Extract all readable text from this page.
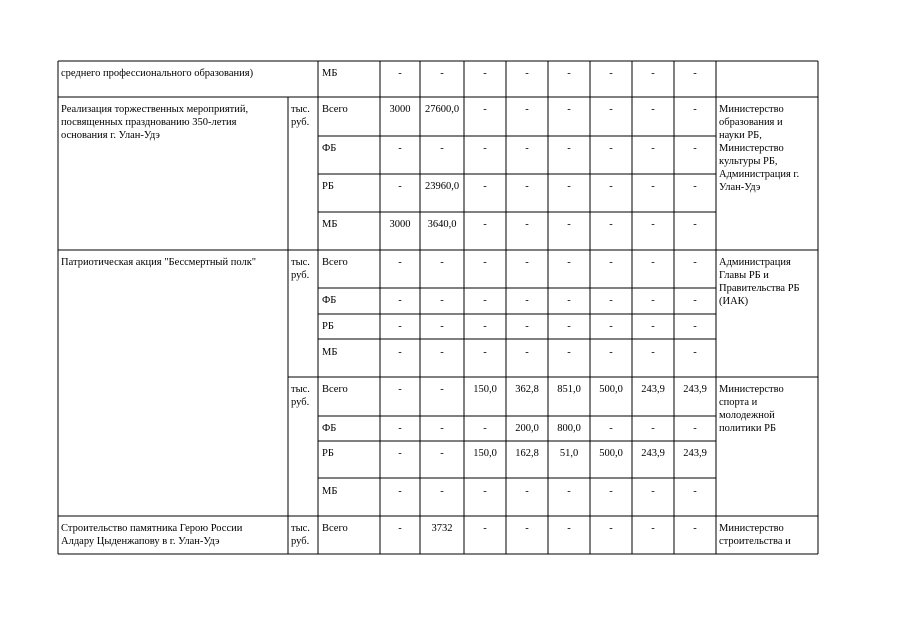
среднего профессионального образования)	МБ	-	-	-	-	-	-	-	-
Реализация торжественных мероприятий,
посвященных празднованию 350-летия
основания г. Улан-Удэ
тыс.
руб.
Министерство
образования и
науки РБ,
Министерство
культуры РБ,
Администрация г.
Улан-Удэ
Всего	3000	27600,0	-	-	-	-	-	-
ФБ	-	-	-	-	-	-	-	-
РБ	-	23960,0	-	-	-	-	-	-
МБ	3000	3640,0	-	-	-	-	-	-
Патриотическая акция "Бессмертный полк"	тыс.
руб.
Администрация
Главы РБ и
Правительства РБ
(ИАК)
Всего	-	-	-	-	-	-	-	-
ФБ	-	-	-	-	-	-	-	-
РБ	-	-	-	-	-	-	-	-
МБ	-	-	-	-	-	-	-	-
тыс.
руб.
Министерство
спорта и
молодежной
политики РБ
Всего	-	-	150,0	362,8	851,0	500,0	243,9	243,9
ФБ	-	-	-	200,0	800,0	-	-	-
РБ	-	-	150,0	162,8	51,0	500,0	243,9	243,9
МБ	-	-	-	-	-	-	-	-
Строительство памятника Герою России
Алдару Цыденжапову в г. Улан-Удэ
тыс.
руб.
Министерство
строительства и
Всего	-	3732	-	-	-	-	-	-
